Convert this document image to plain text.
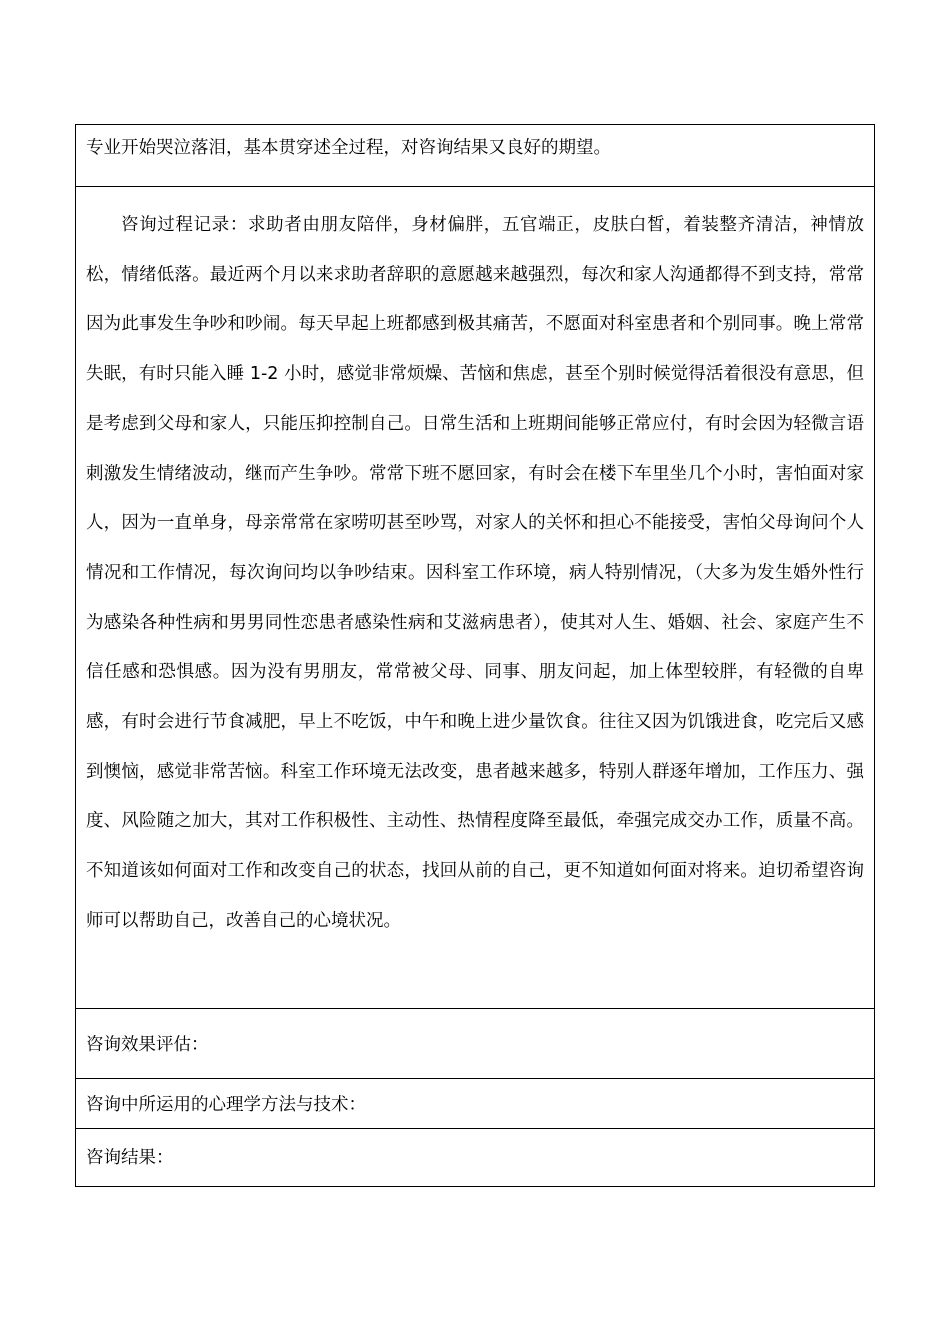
专业开始哭泣落泪，基本贯穿述全过程，对咨询结果又良好的期望。

咨询过程记录：求助者由朋友陪伴，身材偏胖，五官端正，皮肤白皙，着装整齐清洁，神情放松，情绪低落。最近两个月以来求助者辞职的意愿越来越强烈，每次和家人沟通都得不到支持，常常因为此事发生争吵和吵闹。每天早起上班都感到极其痛苦，不愿面对科室患者和个别同事。晚上常常失眠，有时只能入睡 1-2 小时，感觉非常烦燥、苦恼和焦虑，甚至个别时候觉得活着很没有意思，但是考虑到父母和家人，只能压抑控制自己。日常生活和上班期间能够正常应付，有时会因为轻微言语刺激发生情绪波动，继而产生争吵。常常下班不愿回家，有时会在楼下车里坐几个小时，害怕面对家人，因为一直单身，母亲常常在家唠叨甚至吵骂，对家人的关怀和担心不能接受，害怕父母询问个人情况和工作情况，每次询问均以争吵结束。因科室工作环境，病人特别情况，（大多为发生婚外性行为感染各种性病和男男同性恋患者感染性病和艾滋病患者），使其对人生、婚姻、社会、家庭产生不信任感和恐惧感。因为没有男朋友，常常被父母、同事、朋友问起，加上体型较胖，有轻微的自卑感，有时会进行节食减肥，早上不吃饭，中午和晚上进少量饮食。往往又因为饥饿进食，吃完后又感到懊恼，感觉非常苦恼。科室工作环境无法改变，患者越来越多，特别人群逐年增加，工作压力、强度、风险随之加大，其对工作积极性、主动性、热情程度降至最低，牵强完成交办工作，质量不高。不知道该如何面对工作和改变自己的状态，找回从前的自己，更不知道如何面对将来。迫切希望咨询师可以帮助自己，改善自己的心境状况。

咨询效果评估：

咨询中所运用的心理学方法与技术：

咨询结果：
